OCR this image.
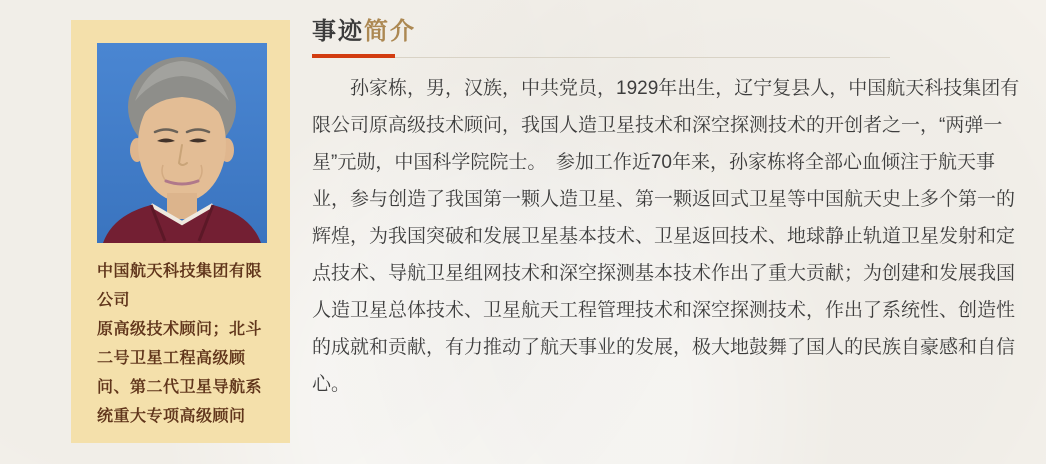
中国航天科技集团有限公司

原高级技术顾问；北斗二号卫星工程高级顾问、第二代卫星导航系统重大专项高级顾问

事迹简介

孙家栋，男，汉族，中共党员，1929年出生，辽宁复县人，中国航天科技集团有限公司原高级技术顾问，我国人造卫星技术和深空探测技术的开创者之一，“两弹一星”元勋，中国科学院院士。　参加工作近70年来，孙家栋将全部心血倾注于航天事业，参与创造了我国第一颗人造卫星、第一颗返回式卫星等中国航天史上多个第一的辉煌，为我国突破和发展卫星基本技术、卫星返回技术、地球静止轨道卫星发射和定点技术、导航卫星组网技术和深空探测基本技术作出了重大贡献；为创建和发展我国人造卫星总体技术、卫星航天工程管理技术和深空探测技术，作出了系统性、创造性的成就和贡献，有力推动了航天事业的发展，极大地鼓舞了国人的民族自豪感和自信心。
